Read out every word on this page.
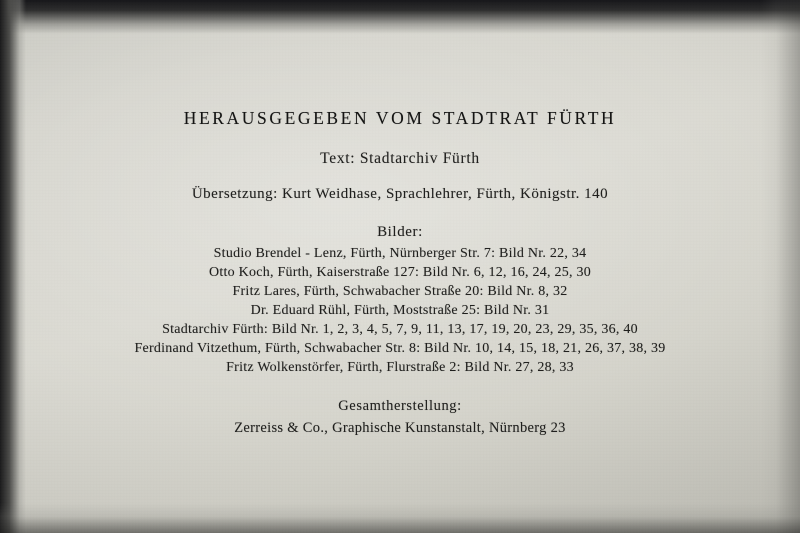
HERAUSGEGEBEN VOM STADTRAT FÜRTH
Text: Stadtarchiv Fürth
Übersetzung: Kurt Weidhase, Sprachlehrer, Fürth, Königstr. 140
Bilder:
Studio Brendel - Lenz, Fürth, Nürnberger Str. 7: Bild Nr. 22, 34
Otto Koch, Fürth, Kaiserstraße 127: Bild Nr. 6, 12, 16, 24, 25, 30
Fritz Lares, Fürth, Schwabacher Straße 20: Bild Nr. 8, 32
Dr. Eduard Rühl, Fürth, Moststraße 25: Bild Nr. 31
Stadtarchiv Fürth: Bild Nr. 1, 2, 3, 4, 5, 7, 9, 11, 13, 17, 19, 20, 23, 29, 35, 36, 40
Ferdinand Vitzethum, Fürth, Schwabacher Str. 8: Bild Nr. 10, 14, 15, 18, 21, 26, 37, 38, 39
Fritz Wolkenstörfer, Fürth, Flurstraße 2: Bild Nr. 27, 28, 33
Gesamtherstellung:
Zerreiss & Co., Graphische Kunstanstalt, Nürnberg 23
